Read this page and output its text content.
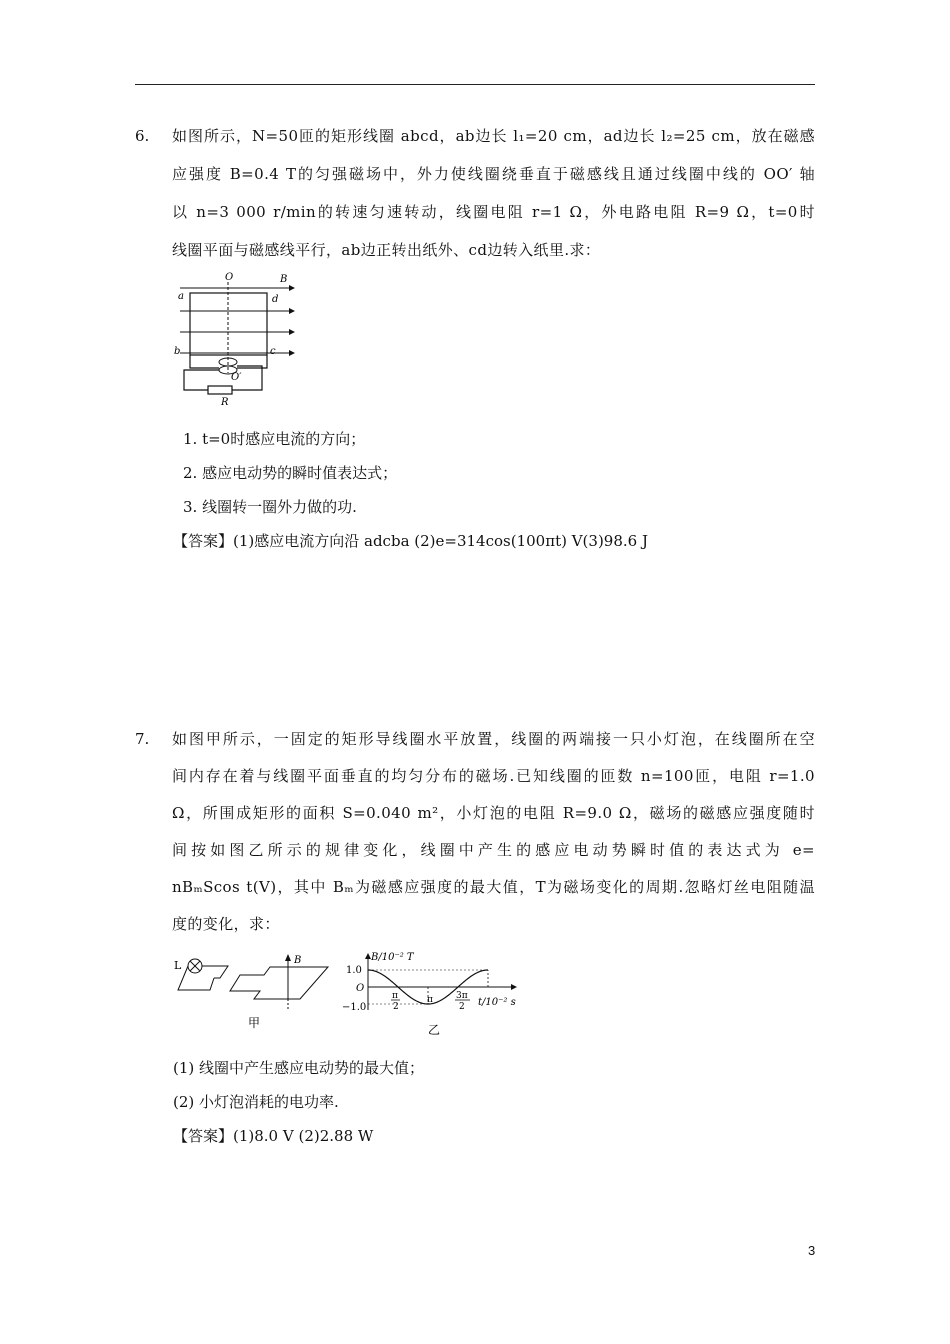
6. 如图所示，N=50匝的矩形线圈 abcd，ab边长 l₁=20 cm，ad边长 l₂=25 cm，放在磁感
应强度 B=0.4 T的匀强磁场中，外力使线圈绕垂直于磁感线且通过线圈中线的 OO′ 轴
以 n=3 000 r/min的转速匀速转动，线圈电阻 r=1 Ω，外电路电阻 R=9 Ω，t=0时
线圈平面与磁感线平行，ab边正转出纸外、cd边转入纸里.求：
O	B
a	d
b	c
O′
R
1. t=0时感应电流的方向；
2. 感应电动势的瞬时值表达式；
3. 线圈转一圈外力做的功.
【答案】(1)感应电流方向沿 adcba (2)e=314cos(100πt) V(3)98.6 J
7. 如图甲所示，一固定的矩形导线圈水平放置，线圈的两端接一只小灯泡，在线圈所在空
间内存在着与线圈平面垂直的均匀分布的磁场.已知线圈的匝数 n=100匝，电阻 r=1.0
Ω，所围成矩形的面积 S=0.040 m²，小灯泡的电阻 R=9.0 Ω，磁场的磁感应强度随时
间按如图乙所示的规律变化，线圈中产生的感应电动势瞬时值的表达式为 e=
nBₘScos t(V)，其中 Bₘ为磁感应强度的最大值，T为磁场变化的周期.忽略灯丝电阻随温
度的变化，求：
L	B
甲
B/10⁻² T
t/10⁻² s
O
1.0
−1.0
π
2
π	3π
2
乙
(1) 线圈中产生感应电动势的最大值；
(2) 小灯泡消耗的电功率.
【答案】(1)8.0 V (2)2.88 W
3
